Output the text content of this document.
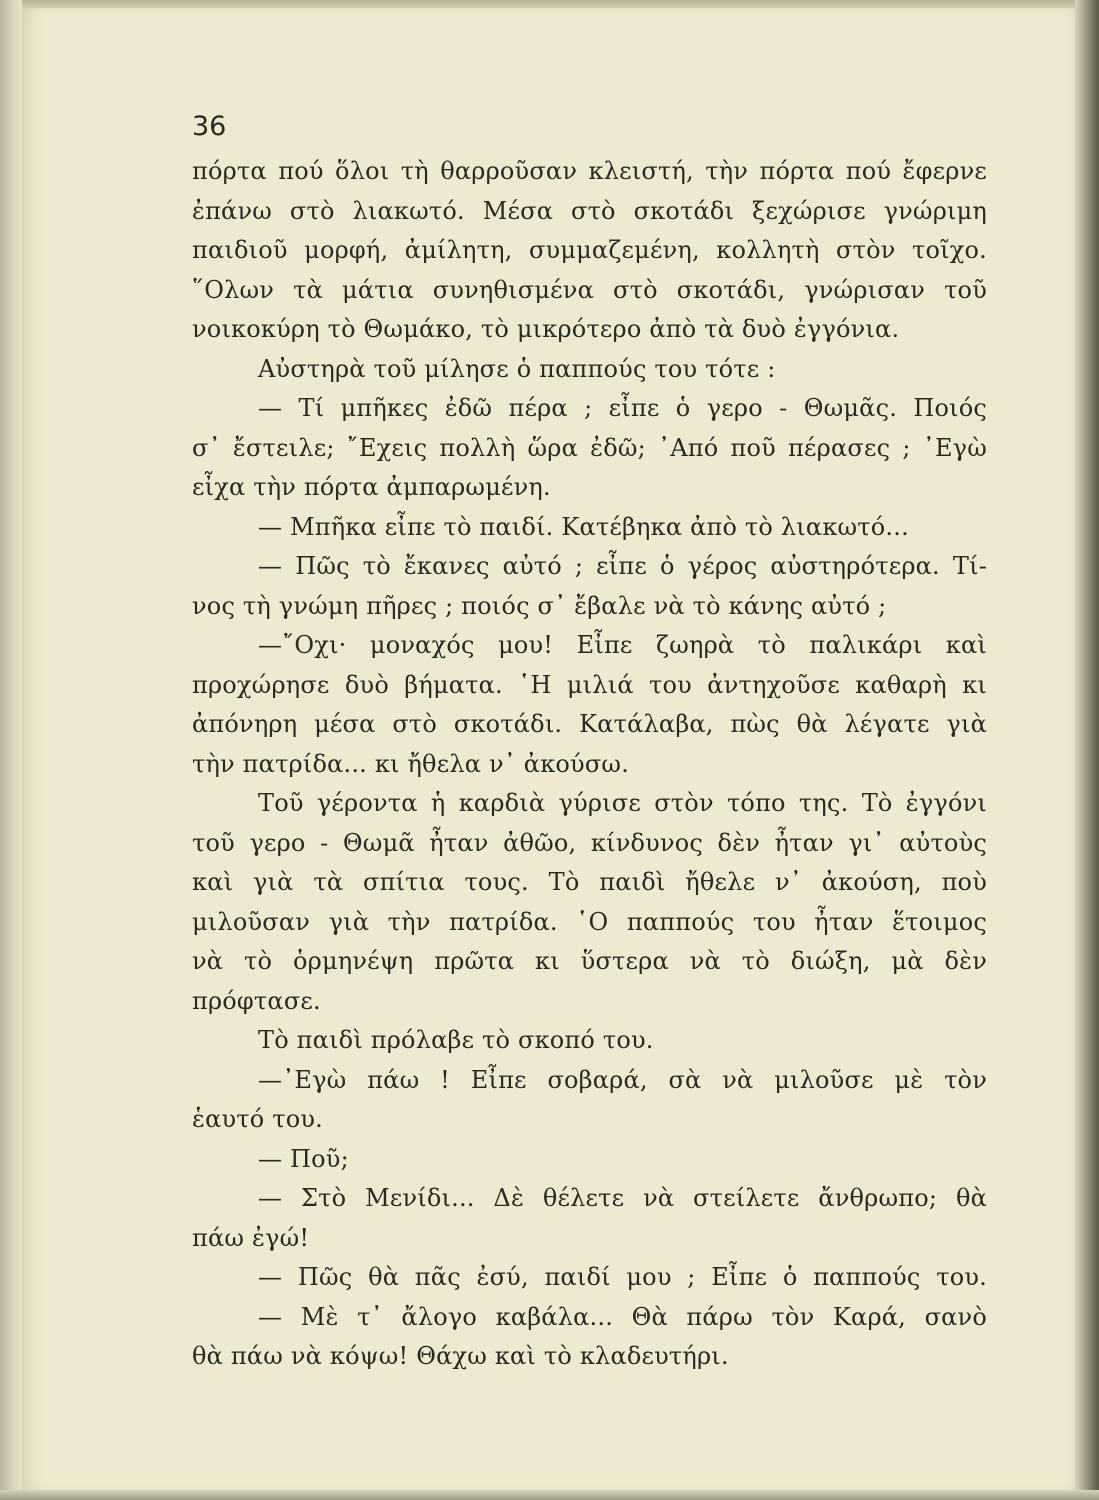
36
πόρτα πού ὅλοι τὴ θαρροῦσαν κλειστή, τὴν πόρτα πού ἔφερνε
ἐπάνω στὸ λιακωτό. Μέσα στὸ σκοτάδι ξεχώρισε γνώριμη
παιδιοῦ μορφή, ἀμίλητη, συμμαζεμένη, κολλητὴ στὸν τοῖχο.
῞Ολων τὰ μάτια συνηθισμένα στὸ σκοτάδι, γνώρισαν τοῦ
νοικοκύρη τὸ Θωμάκο, τὸ μικρότερο ἀπὸ τὰ δυὸ ἐγγόνια.
Αὐστηρὰ τοῦ μίλησε ὁ παππούς του τότε :
— Τί μπῆκες ἐδῶ πέρα ; εἶπε ὁ γερο - Θωμᾶς. Ποιός
σ᾽ ἔστειλε; ῎Εχεις πολλὴ ὥρα ἐδῶ; ᾽Από ποῦ πέρασες ; ᾽Εγὼ
εἶχα τὴν πόρτα ἀμπαρωμένη.
— Μπῆκα εἶπε τὸ παιδί. Κατέβηκα ἀπὸ τὸ λιακωτό...
— Πῶς τὸ ἔκανες αὐτό ; εἶπε ὁ γέρος αὐστηρότερα. Τί-
νος τὴ γνώμη πῆρες ; ποιός σ᾽ ἔβαλε νὰ τὸ κάνης αὐτό ;
—῎Οχι· μοναχός μου! Εἶπε ζωηρὰ τὸ παλικάρι καὶ
προχώρησε δυὸ βήματα. ῾Η μιλιά του ἀντηχοῦσε καθαρὴ κι
ἀπόνηρη μέσα στὸ σκοτάδι. Κατάλαβα, πὼς θὰ λέγατε γιὰ
τὴν πατρίδα... κι ἤθελα ν᾽ ἀκούσω.
Τοῦ γέροντα ἡ καρδιὰ γύρισε στὸν τόπο της. Τὸ ἐγγόνι
τοῦ γερο - Θωμᾶ ἦταν ἀθῶο, κίνδυνος δὲν ἦταν γι᾽ αὐτοὺς
καὶ γιὰ τὰ σπίτια τους. Τὸ παιδὶ ἤθελε ν᾽ ἀκούση, ποὺ
μιλοῦσαν γιὰ τὴν πατρίδα. ῾Ο παππούς του ἦταν ἕτοιμος
νὰ τὸ ὁρμηνέψη πρῶτα κι ὕστερα νὰ τὸ διώξη, μὰ δὲν
πρόφτασε.
Τὸ παιδὶ πρόλαβε τὸ σκοπό του.
—᾽Εγὼ πάω ! Εἶπε σοβαρά, σὰ νὰ μιλοῦσε μὲ τὸν
ἑαυτό του.
— Ποῦ;
— Στὸ Μενίδι... Δὲ θέλετε νὰ στείλετε ἄνθρωπο; θὰ
πάω ἐγώ!
— Πῶς θὰ πᾶς ἐσύ, παιδί μου ; Εἶπε ὁ παππούς του.
— Μὲ τ᾽ ἄλογο καβάλα... Θὰ πάρω τὸν Καρά, σανὸ
θὰ πάω νὰ κόψω! Θάχω καὶ τὸ κλαδευτήρι.
